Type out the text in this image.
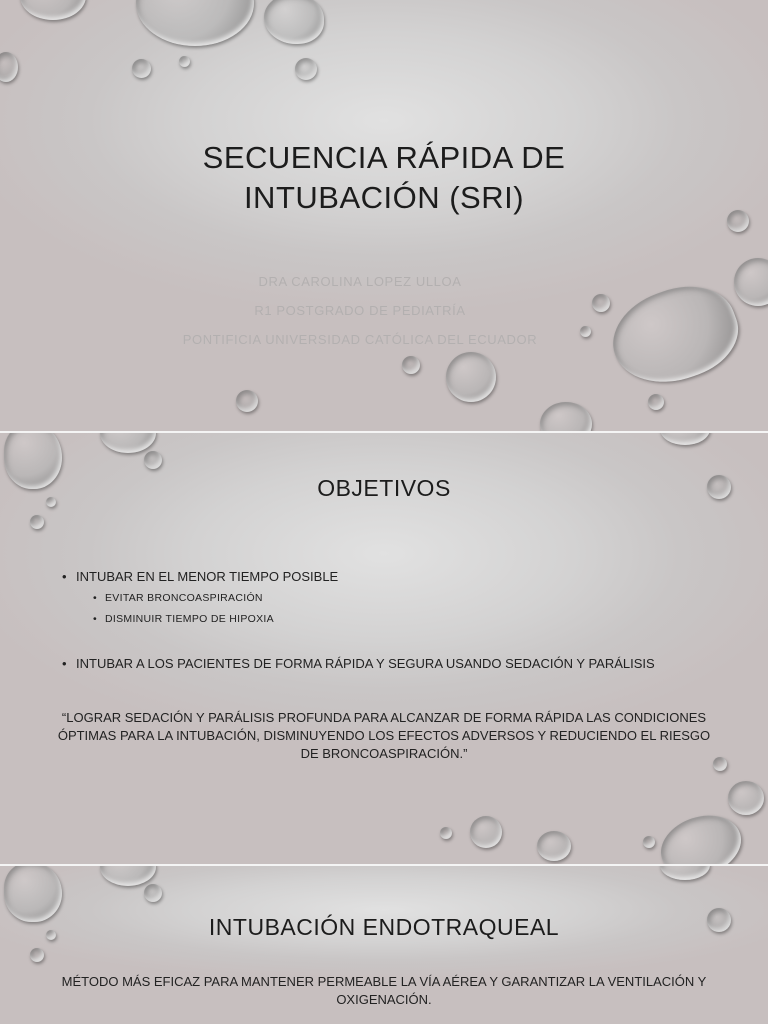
SECUENCIA RÁPIDA DE
INTUBACIÓN (SRI)
DRA CAROLINA LOPEZ ULLOA
R1 POSTGRADO DE PEDIATRÍA
PONTIFICIA UNIVERSIDAD CATÓLICA DEL ECUADOR
OBJETIVOS
• INTUBAR EN EL MENOR TIEMPO POSIBLE
• EVITAR BRONCOASPIRACIÓN
• DISMINUIR TIEMPO DE HIPOXIA
• INTUBAR A LOS PACIENTES DE FORMA RÁPIDA Y SEGURA USANDO SEDACIÓN Y PARÁLISIS
“LOGRAR SEDACIÓN Y PARÁLISIS PROFUNDA PARA ALCANZAR DE FORMA RÁPIDA LAS CONDICIONES
ÓPTIMAS PARA LA INTUBACIÓN, DISMINUYENDO LOS EFECTOS ADVERSOS Y REDUCIENDO EL RIESGO
DE BRONCOASPIRACIÓN.”
INTUBACIÓN ENDOTRAQUEAL
MÉTODO MÁS EFICAZ PARA MANTENER PERMEABLE LA VÍA AÉREA Y GARANTIZAR LA VENTILACIÓN Y
OXIGENACIÓN.
